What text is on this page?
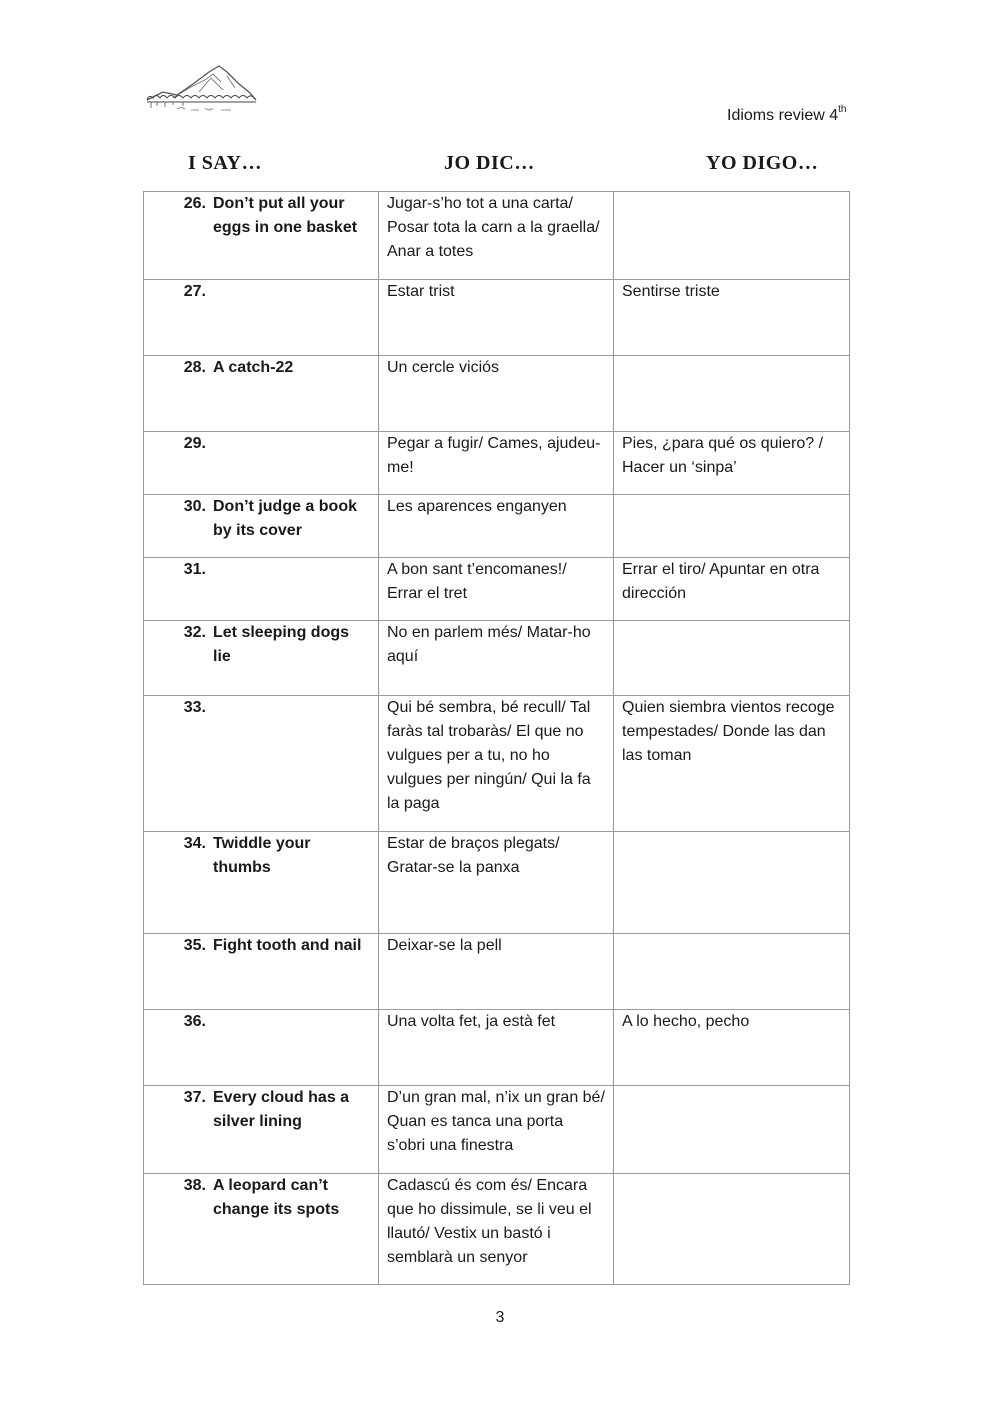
Idioms review 4th
I SAY…	JO DIC…	YO DIGO…
26. Don’t put all your eggs in one basket	Jugar-s’ho tot a una carta/ Posar tota la carn a la graella/ Anar a totes	

27.	Estar trist	Sentirse triste

28. A catch-22	Un cercle viciós	

29.	Pegar a fugir/ Cames, ajudeu-me!	Pies, ¿para qué os quiero? / Hacer un ‘sinpa’

30. Don’t judge a book by its cover	Les aparences enganyen	

31.	A bon sant t’encomanes!/ Errar el tret	Errar el tiro/ Apuntar en otra dirección

32. Let sleeping dogs lie	No en parlem més/ Matar-ho aquí	

33.	Qui bé sembra, bé recull/ Tal faràs tal trobaràs/ El que no vulgues per a tu, no ho vulgues per ningún/ Qui la fa la paga	Quien siembra vientos recoge tempestades/ Donde las dan las toman

34. Twiddle your thumbs	Estar de braços plegats/ Gratar-se la panxa	

35. Fight tooth and nail	Deixar-se la pell	

36.	Una volta fet, ja està fet	A lo hecho, pecho

37. Every cloud has a silver lining	D’un gran mal, n’ix un gran bé/ Quan es tanca una porta s’obri una finestra	

38. A leopard can’t change its spots	Cadascú és com és/ Encara que ho dissimule, se li veu el llautó/ Vestix un bastó i semblarà un senyor	
3
